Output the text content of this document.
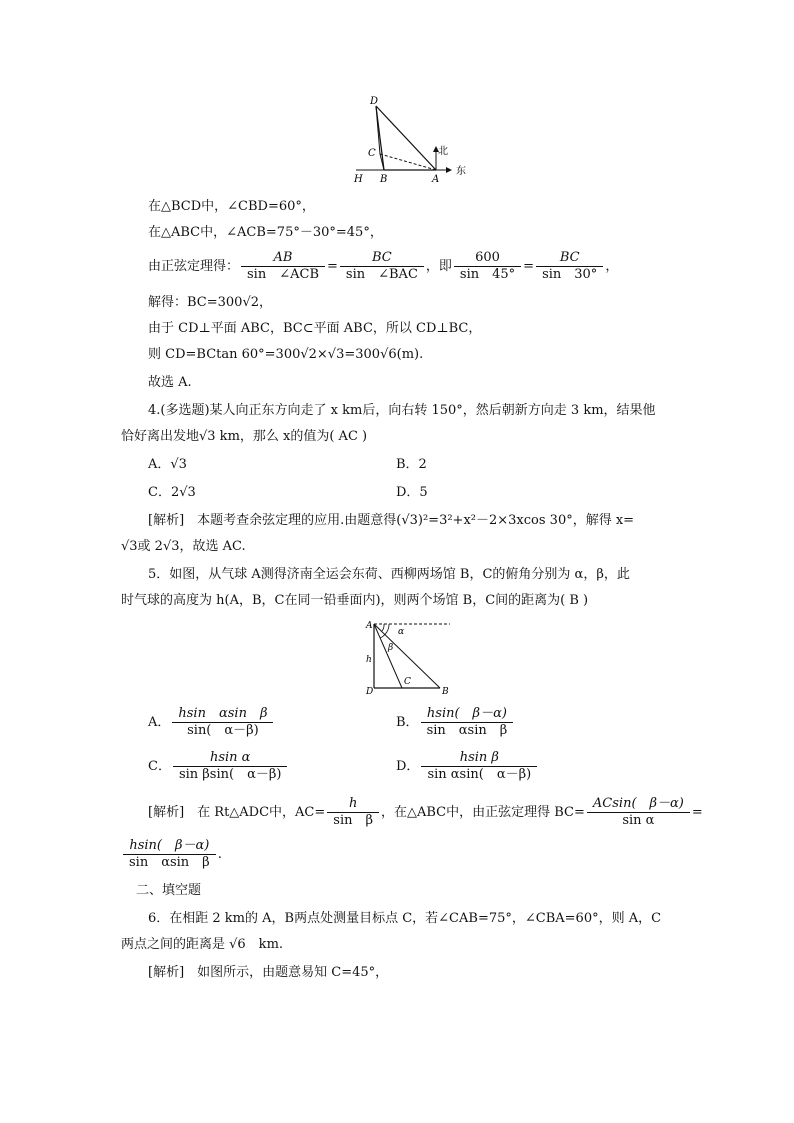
D
C
H B	A
北
东
在△BCD中，∠CBD=60°，
在△ABC中，∠ACB=75°－30°=45°，
由正弦定理得： $\frac{AB}{\text{sin　∠ACB}} = \frac{BC}{\text{sin　∠BAC}}$ ，即 $\frac{600}{\sin 45^\circ} = \frac{BC}{\sin 30^\circ}$ ，
解得：BC=300√2，
由于 CD⊥平面 ABC，BC⊂平面 ABC，所以 CD⊥BC，
则 CD=BCtan 60°=300√2×√3=300√6(m).
故选 A.
4.(多选题)某人向正东方向走了 x km后，向右转 150°，然后朝新方向走 3 km，结果他
恰好离出发地√3 km，那么 x的值为( AC )
A．√3	B．2
C．2√3	D．5
[解析]　本题考查余弦定理的应用.由题意得(√3)²=3²+x²－2×3xcos 30°，解得 x=
√3或 2√3，故选 AC.
5．如图，从气球 A测得济南全运会东荷、西柳两场馆 B，C的俯角分别为 α，β，此
时气球的高度为 h(A，B，C在同一铅垂面内)，则两个场馆 B，C间的距离为( B )
A
α
β
h
C
D	B
A． $\frac{\text{hsin　αsin　β}}{\sin( \alpha-\beta)}$	B． $\frac{hsin( \beta-\alpha)}{\text{sin　αsin　β}}$
C． $\frac{\text{hsin α}}{\text{sin βsin(　α－β)}}$	D． $\frac{\text{hsin β}}{\text{sin αsin(　α－β)}}$
[解析]　在 Rt△ADC中，$AC= \frac{h}{\text{sin　β}}$ ，在△ABC中，由正弦定理得 $BC= \frac{ACsin( \beta-\alpha)}{\text{sin α}}$ =
$\frac{hsin( \beta-\alpha)}{\text{sin　αsin　β}}$ .
二、填空题
6．在相距 2 km的 A，B两点处测量目标点 C，若∠CAB=75°，∠CBA=60°，则 A，C
两点之间的距离是 √6　km.
[解析]　如图所示，由题意易知 C=45°，
